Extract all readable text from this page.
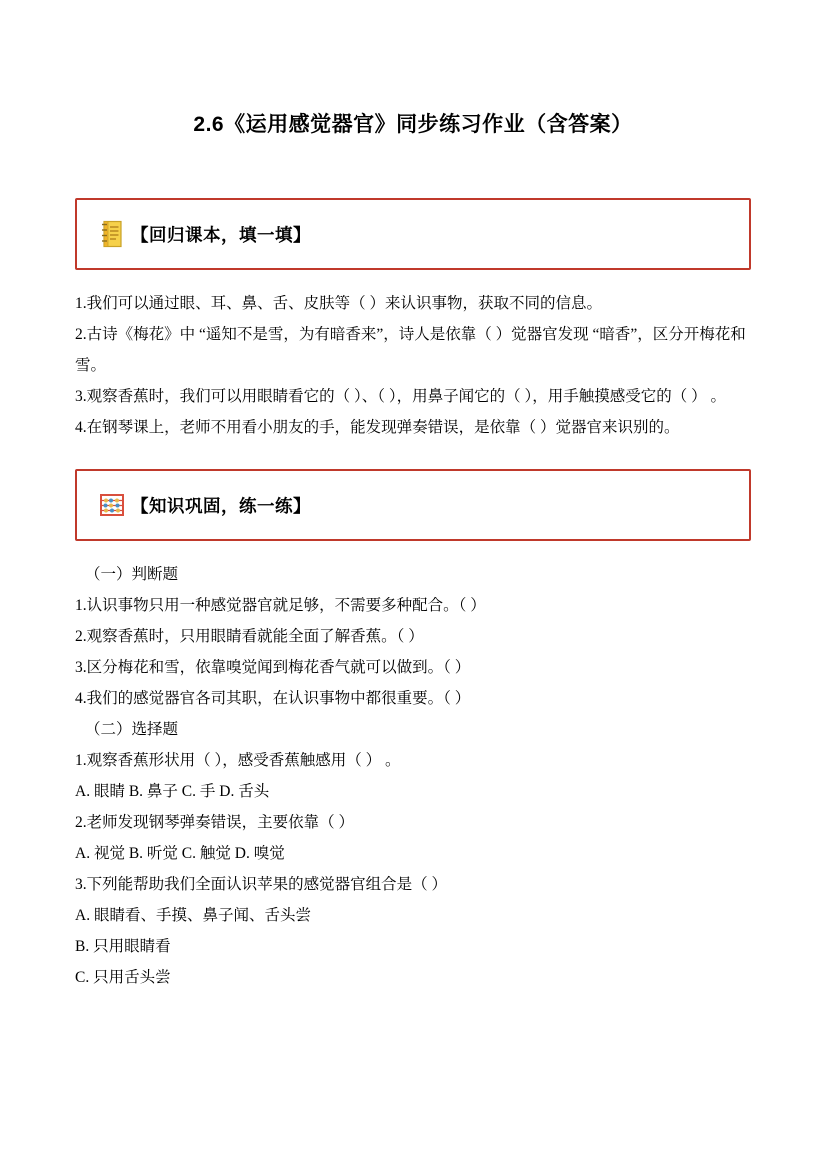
2.6《运用感觉器官》同步练习作业（含答案）
【回归课本，填一填】
1.我们可以通过眼、耳、鼻、舌、皮肤等（ ）来认识事物，获取不同的信息。
2.古诗《梅花》中 “遥知不是雪，为有暗香来”，诗人是依靠（ ）觉器官发现 “暗香”，区分开梅花和雪。
3.观察香蕉时，我们可以用眼睛看它的（ ）、（ ），用鼻子闻它的（ ），用手触摸感受它的（ ） 。
4.在钢琴课上，老师不用看小朋友的手，能发现弹奏错误，是依靠（ ）觉器官来识别的。
【知识巩固，练一练】
（一）判断题
1.认识事物只用一种感觉器官就足够，不需要多种配合。（ ）
2.观察香蕉时，只用眼睛看就能全面了解香蕉。（ ）
3.区分梅花和雪，依靠嗅觉闻到梅花香气就可以做到。（ ）
4.我们的感觉器官各司其职，在认识事物中都很重要。（ ）
（二）选择题
1.观察香蕉形状用（ ），感受香蕉触感用（ ） 。
A. 眼睛 B. 鼻子 C. 手 D. 舌头
2.老师发现钢琴弹奏错误，主要依靠（ ）
A. 视觉 B. 听觉 C. 触觉 D. 嗅觉
3.下列能帮助我们全面认识苹果的感觉器官组合是（ ）
A. 眼睛看、手摸、鼻子闻、舌头尝
B. 只用眼睛看
C. 只用舌头尝
